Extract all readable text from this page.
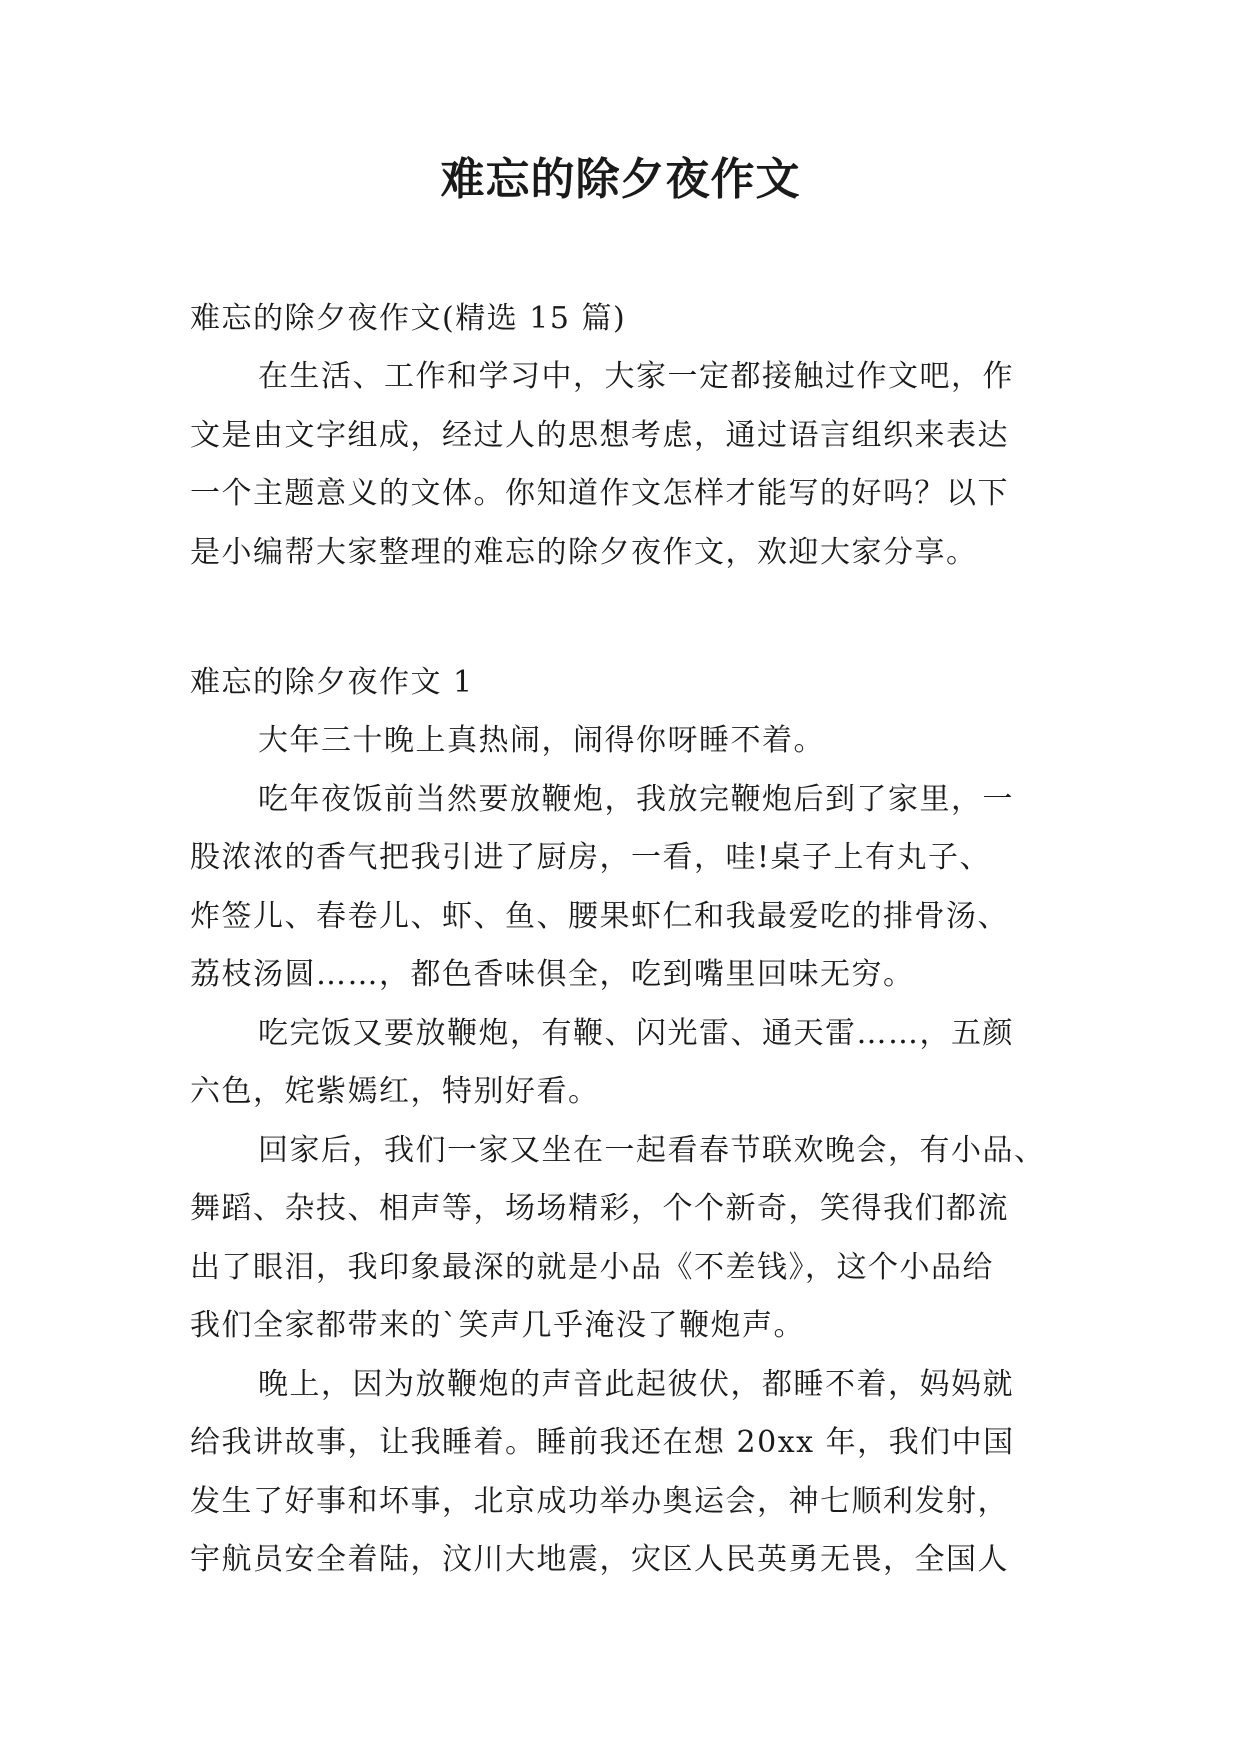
难忘的除夕夜作文

难忘的除夕夜作文(精选 15 篇)

在生活、工作和学习中，大家一定都接触过作文吧，作
文是由文字组成，经过人的思想考虑，通过语言组织来表达
一个主题意义的文体。你知道作文怎样才能写的好吗？以下
是小编帮大家整理的难忘的除夕夜作文，欢迎大家分享。

难忘的除夕夜作文 1

大年三十晚上真热闹，闹得你呀睡不着。

吃年夜饭前当然要放鞭炮，我放完鞭炮后到了家里，一
股浓浓的香气把我引进了厨房，一看，哇!桌子上有丸子、
炸签儿、春卷儿、虾、鱼、腰果虾仁和我最爱吃的排骨汤、
荔枝汤圆……，都色香味俱全，吃到嘴里回味无穷。

吃完饭又要放鞭炮，有鞭、闪光雷、通天雷……，五颜
六色，姹紫嫣红，特别好看。

回家后，我们一家又坐在一起看春节联欢晚会，有小品、
舞蹈、杂技、相声等，场场精彩，个个新奇，笑得我们都流
出了眼泪，我印象最深的就是小品《不差钱》，这个小品给
我们全家都带来的`笑声几乎淹没了鞭炮声。

晚上，因为放鞭炮的声音此起彼伏，都睡不着，妈妈就
给我讲故事，让我睡着。睡前我还在想 20xx 年，我们中国
发生了好事和坏事，北京成功举办奥运会，神七顺利发射，
宇航员安全着陆，汶川大地震，灾区人民英勇无畏，全国人
